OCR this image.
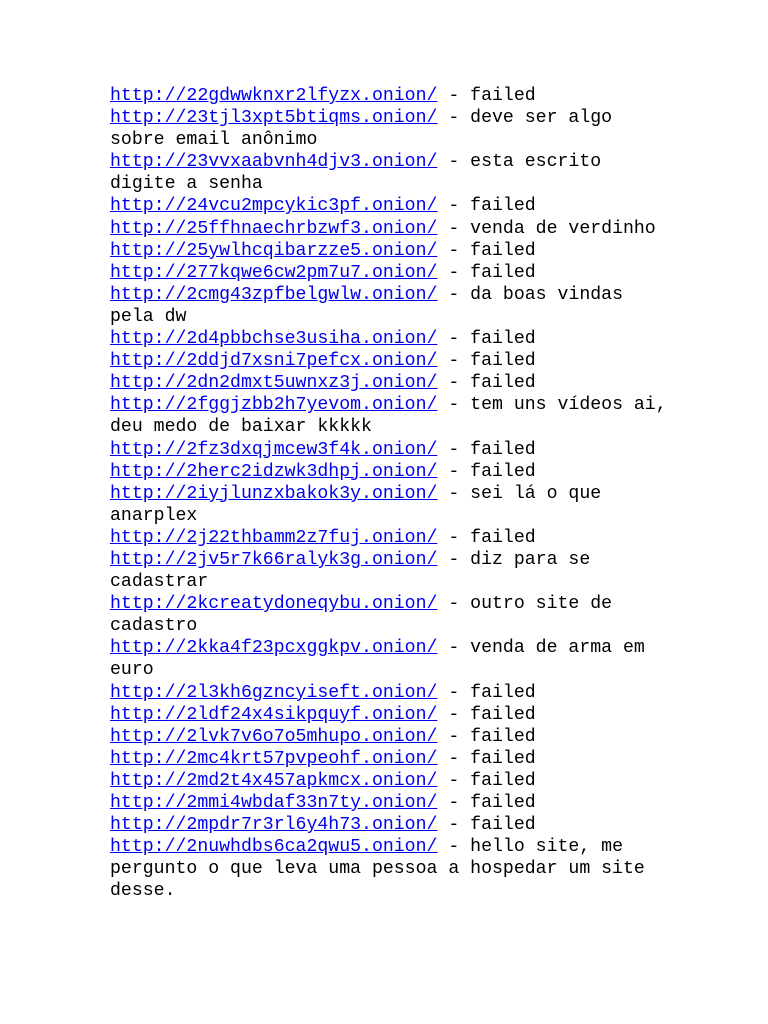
http://22gdwwknxr2lfyzx.onion/ - failed
http://23tjl3xpt5btiqms.onion/ - deve ser algo sobre email anônimo
http://23vvxaabvnh4djv3.onion/ - esta escrito digite a senha
http://24vcu2mpcykic3pf.onion/ - failed
http://25ffhnaechrbzwf3.onion/ - venda de verdinho
http://25ywlhcqibarzze5.onion/ - failed
http://277kqwe6cw2pm7u7.onion/ - failed
http://2cmg43zpfbelgwlw.onion/ - da boas vindas pela dw
http://2d4pbbchse3usiha.onion/ - failed
http://2ddjd7xsni7pefcx.onion/ - failed
http://2dn2dmxt5uwnxz3j.onion/ - failed
http://2fggjzbb2h7yevom.onion/ - tem uns vídeos ai, deu medo de baixar kkkkk
http://2fz3dxqjmcew3f4k.onion/ - failed
http://2herc2idzwk3dhpj.onion/ - failed
http://2iyjlunzxbakok3y.onion/ - sei lá o que anarplex
http://2j22thbamm2z7fuj.onion/ - failed
http://2jv5r7k66ralyk3g.onion/ - diz para se cadastrar
http://2kcreatydoneqybu.onion/ - outro site de cadastro
http://2kka4f23pcxggkpv.onion/ - venda de arma em euro
http://2l3kh6gzncyiseft.onion/ - failed
http://2ldf24x4sikpquyf.onion/ - failed
http://2lvk7v6o7o5mhupo.onion/ - failed
http://2mc4krt57pvpeohf.onion/ - failed
http://2md2t4x457apkmcx.onion/ - failed
http://2mmi4wbdaf33n7ty.onion/ - failed
http://2mpdr7r3rl6y4h73.onion/ - failed
http://2nuwhdbs6ca2qwu5.onion/ - hello site, me pergunto o que leva uma pessoa a hospedar um site desse.
